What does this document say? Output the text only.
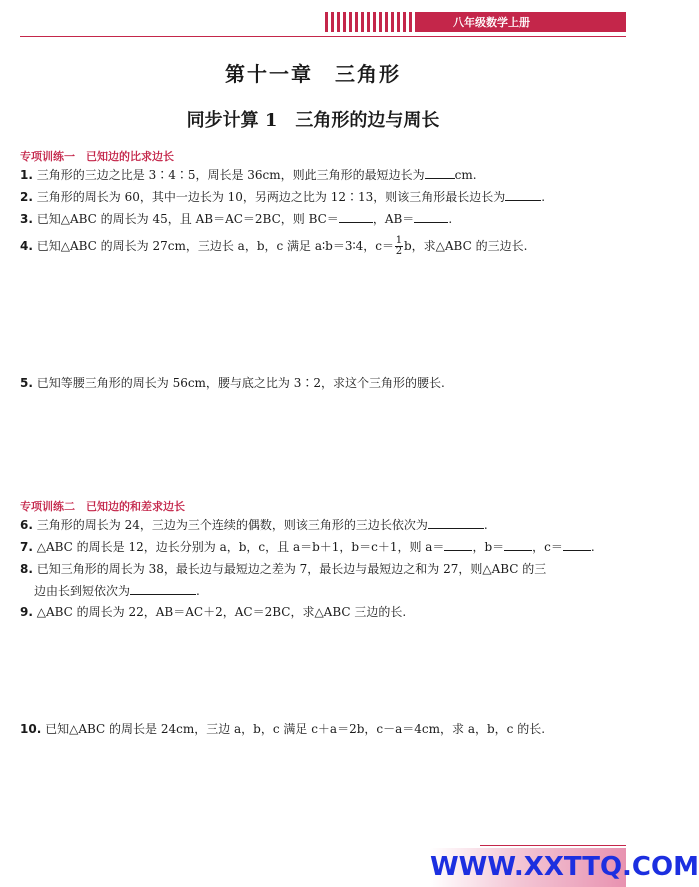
八年级数学上册
第十一章　三角形
同步计算 1　三角形的边与周长
专项训练一　已知边的比求边长
1. 三角形的三边之比是 3∶4∶5，周长是 36cm，则此三角形的最短边长为	cm.
2. 三角形的周长为 60，其中一边长为 10，另两边之比为 12∶13，则该三角形最长边长为	.
3. 已知△ABC 的周长为 45，且 AB＝AC＝2BC，则 BC＝	，AB＝	.
4. 已知△ABC 的周长为 27cm，三边长 a，b，c 满足 a∶b＝3∶4，$c= \frac{1}{2}$ b，求△ABC 的三边长.
5. 已知等腰三角形的周长为 56cm，腰与底之比为 3∶2，求这个三角形的腰长.
专项训练二　已知边的和差求边长
6. 三角形的周长为 24，三边为三个连续的偶数，则该三角形的三边长依次为	.
7. △ABC 的周长是 12，边长分别为 a，b，c，且 a＝b＋1，b＝c＋1，则 a＝ ，b＝ ，c＝ .
8. 已知三角形的周长为 38，最长边与最短边之差为 7，最长边与最短边之和为 27，则△ABC 的三
边由长到短依次为	.
9. △ABC 的周长为 22，AB＝AC＋2，AC＝2BC，求△ABC 三边的长.
10. 已知△ABC 的周长是 24cm，三边 a，b，c 满足 c＋a＝2b，c－a＝4cm，求 a，b，c 的长.
WWW.XXTTQ.COM
